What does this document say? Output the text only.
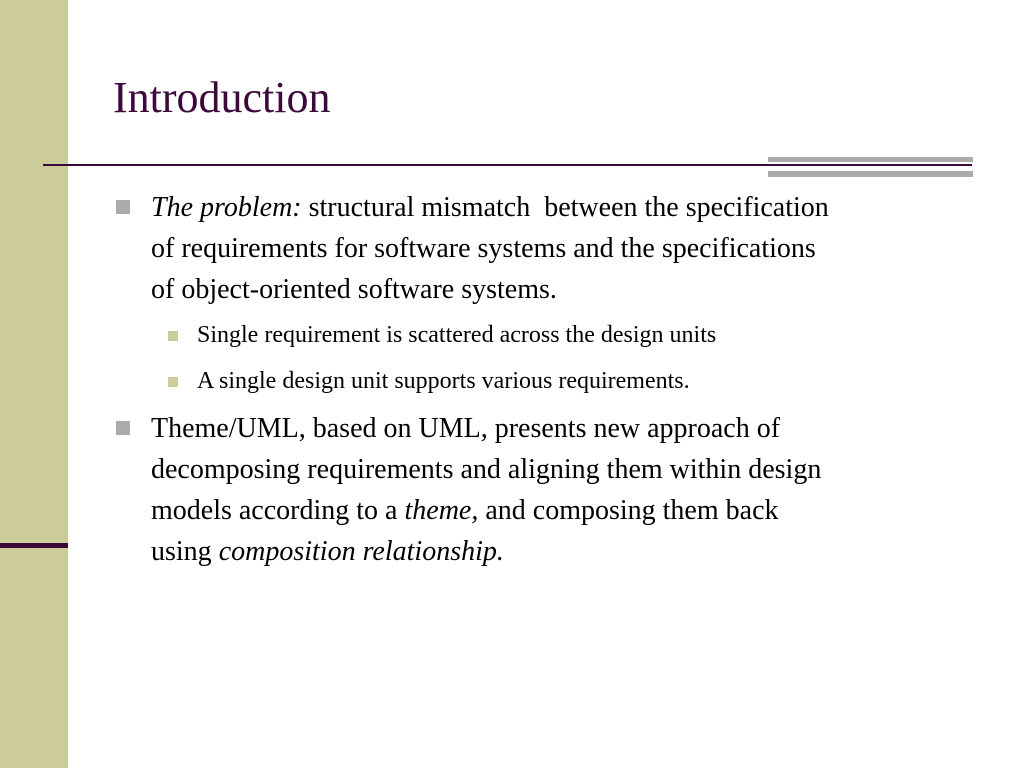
Introduction
The problem: structural mismatch  between the specification
of requirements for software systems and the specifications
of object-oriented software systems.
Single requirement is scattered across the design units
A single design unit supports various requirements.
Theme/UML, based on UML, presents new approach of
decomposing requirements and aligning them within design
models according to a theme, and composing them back
using composition relationship.
